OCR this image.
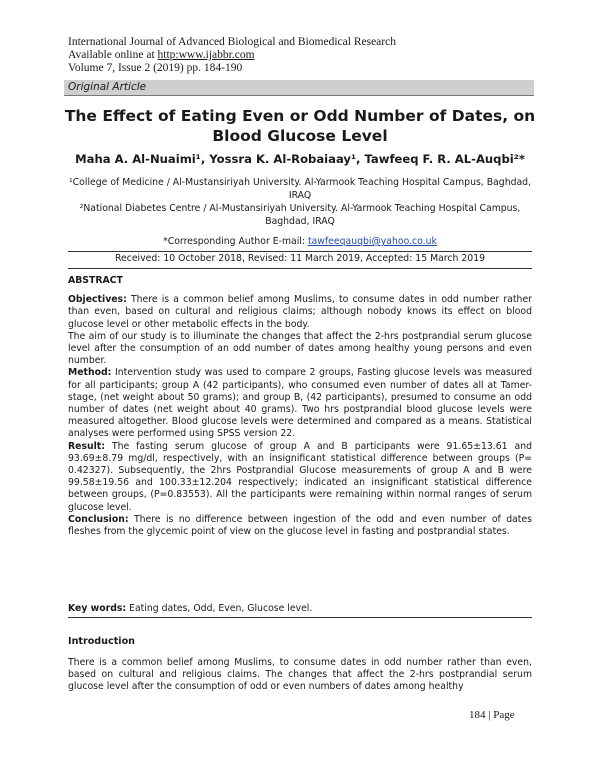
International Journal of Advanced Biological and Biomedical Research
Available online at http:www.ijabbr.com
Volume 7, Issue 2 (2019) pp. 184-190
Original Article
The Effect of Eating Even or Odd Number of Dates, on Blood Glucose Level
Maha A. Al-Nuaimi¹, Yossra K. Al-Robaiaay¹, Tawfeeq F. R. AL-Auqbi²*
¹College of Medicine / Al-Mustansiriyah University. Al-Yarmook Teaching Hospital Campus, Baghdad, IRAQ
²National Diabetes Centre / Al-Mustansiriyah University. Al-Yarmook Teaching Hospital Campus, Baghdad, IRAQ
*Corresponding Author E-mail: tawfeeqauqbi@yahoo.co.uk
Received: 10 October 2018, Revised: 11 March 2019, Accepted: 15 March 2019

ABSTRACT

Objectives: There is a common belief among Muslims, to consume dates in odd number rather than even, based on cultural and religious claims; although nobody knows its effect on blood glucose level or other metabolic effects in the body.

The aim of our study is to illuminate the changes that affect the 2-hrs postprandial serum glucose level after the consumption of an odd number of dates among healthy young persons and even number.

Method: Intervention study was used to compare 2 groups, Fasting glucose levels was measured for all participants; group A (42 participants), who consumed even number of dates all at Tamer-stage, (net weight about 50 grams); and group B, (42 participants), presumed to consume an odd number of dates (net weight about 40 grams). Two hrs postprandial blood glucose levels were measured altogether. Blood glucose levels were determined and compared as a means. Statistical analyses were performed using SPSS version 22.

Result: The fasting serum glucose of group A and B participants were 91.65±13.61 and 93.69±8.79 mg/dl, respectively, with an insignificant statistical difference between groups (P= 0.42327). Subsequently, the 2hrs Postprandial Glucose measurements of group A and B were 99.58±19.56 and 100.33±12.204 respectively; indicated an insignificant statistical difference between groups, (P=0.83553). All the participants were remaining within normal ranges of serum glucose level.

Conclusion: There is no difference between ingestion of the odd and even number of dates fleshes from the glycemic point of view on the glucose level in fasting and postprandial states.

Key words: Eating dates, Odd, Even, Glucose level.
Introduction
There is a common belief among Muslims, to consume dates in odd number rather than even, based on cultural and religious claims. The changes that affect the 2-hrs postprandial serum glucose level after the consumption of odd or even numbers of dates among healthy
184 | Page
